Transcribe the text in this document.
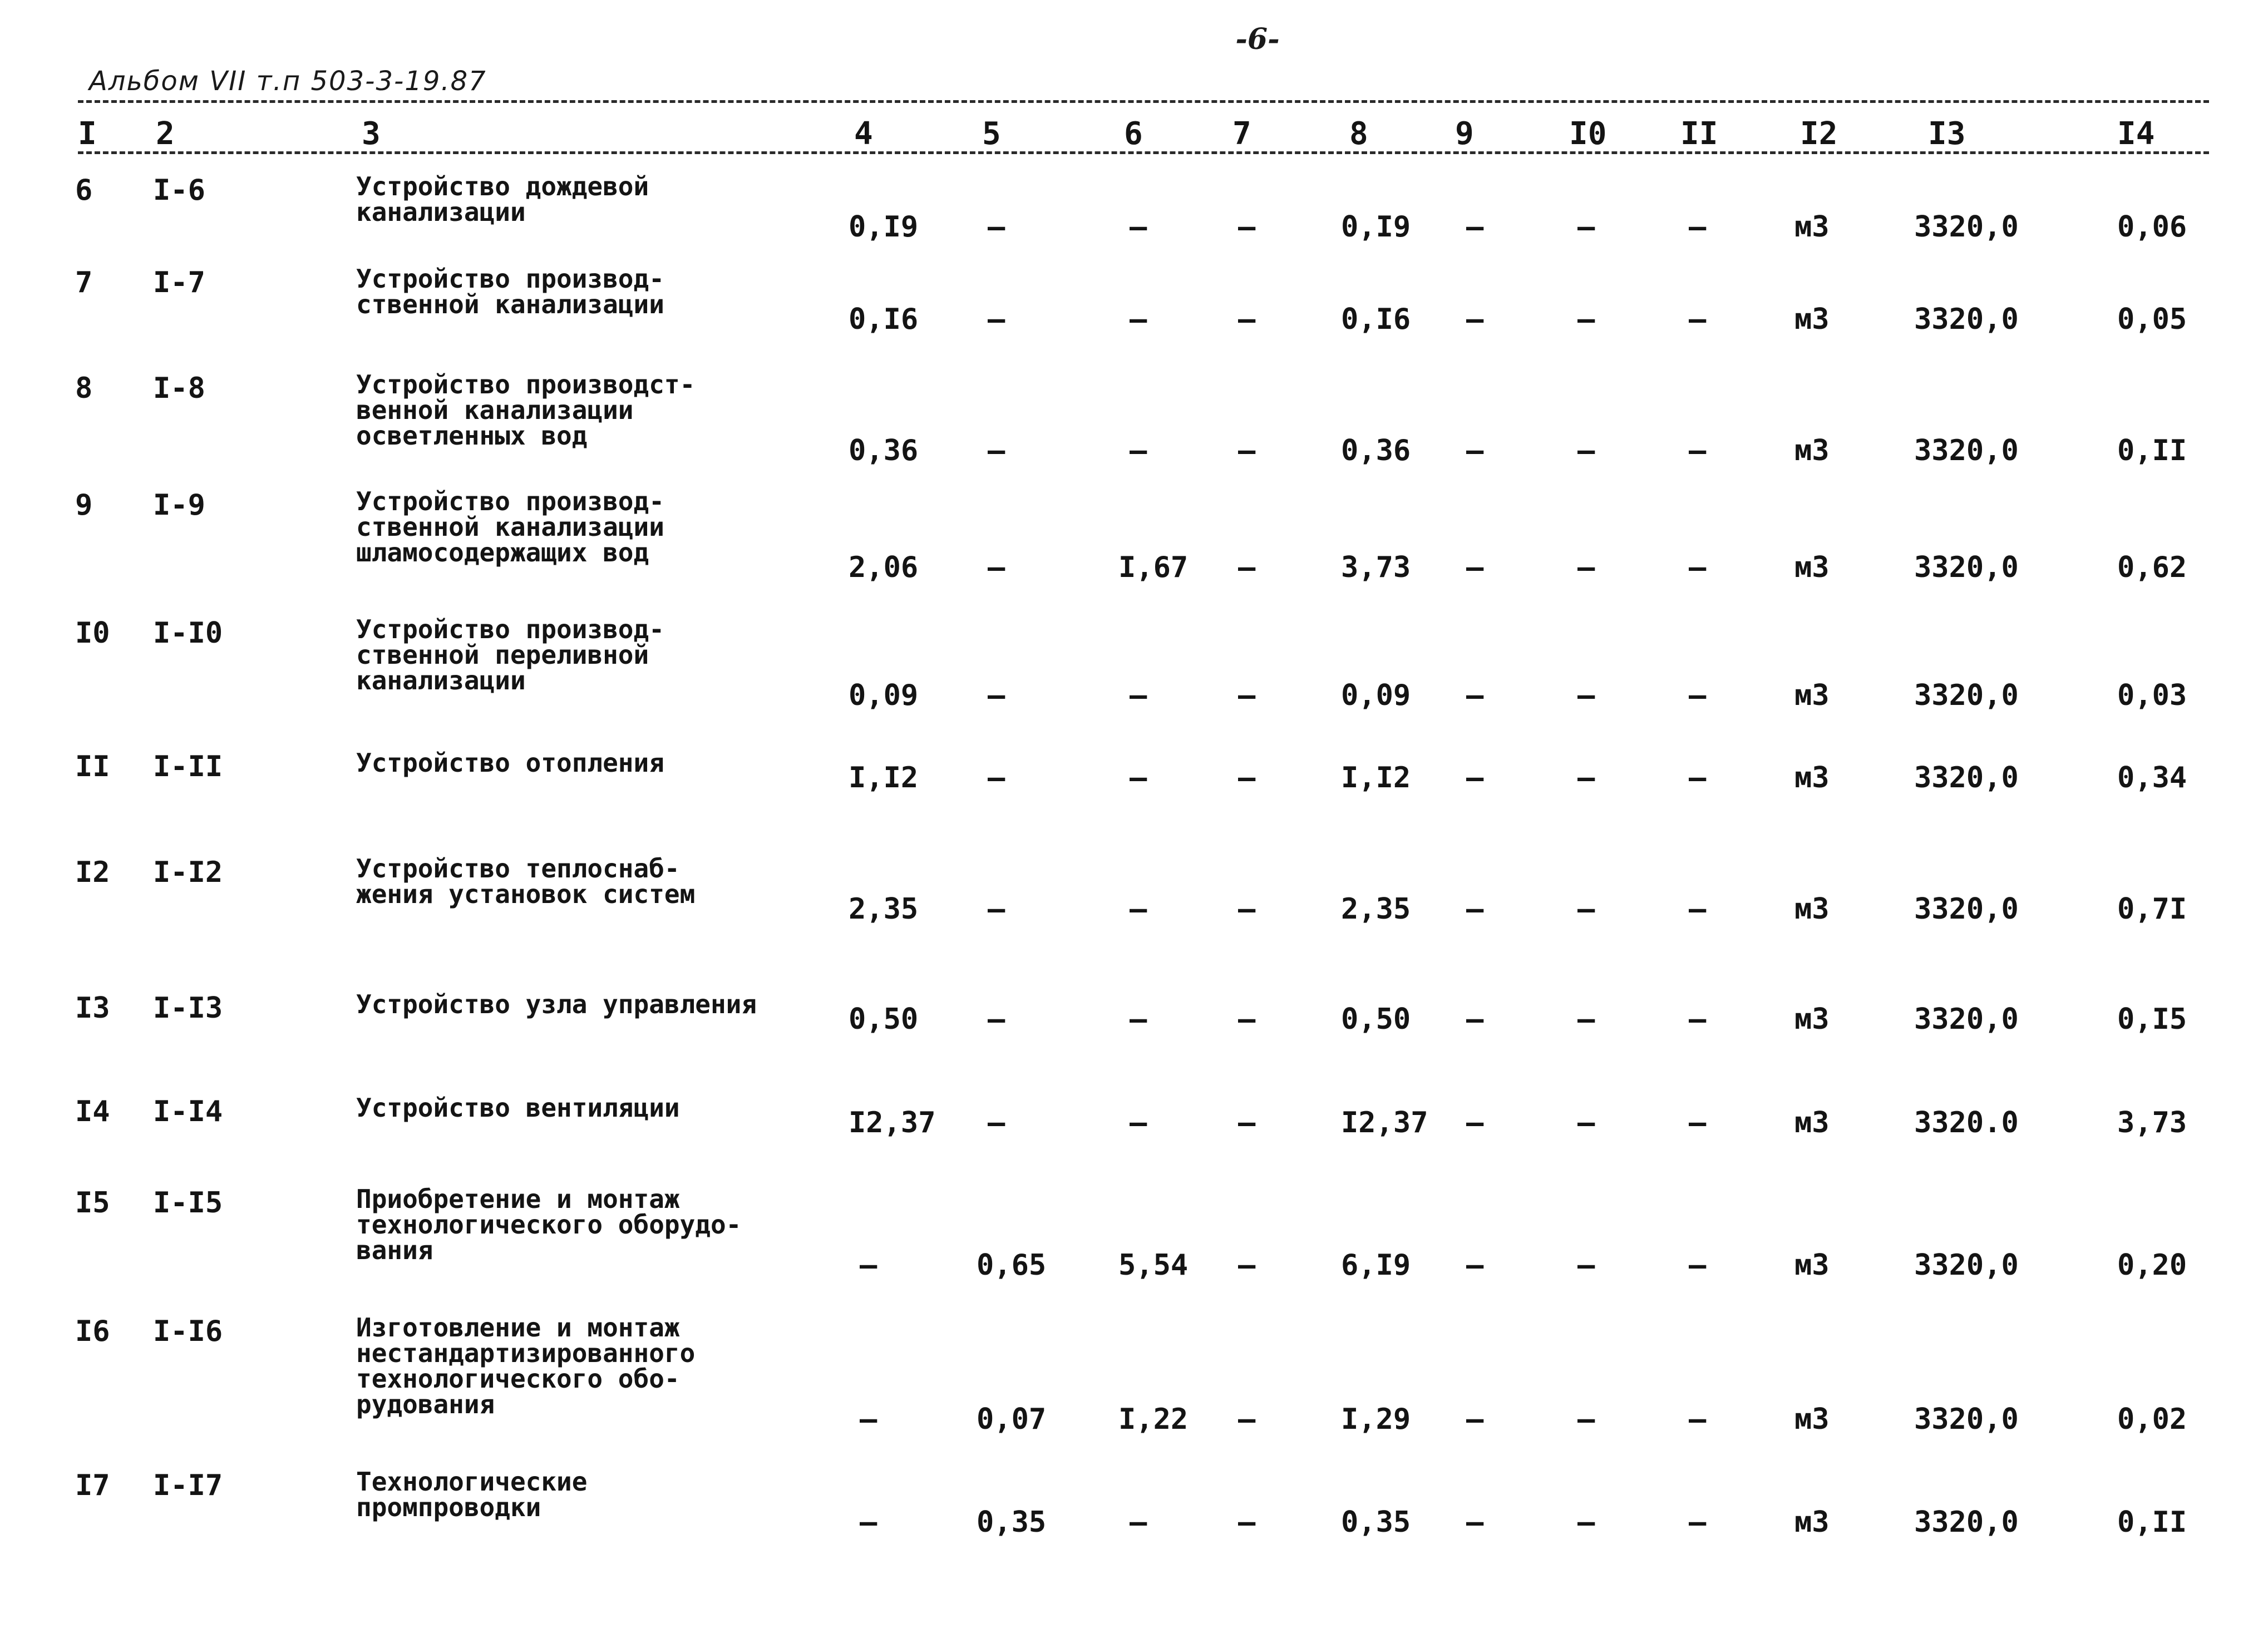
-6-
Альбом VII т.п 503-3-19.87
I 2	3	4	5	6	7	8	9	I0 II	I2	I3	I4
6 I-6	Устройство дождевой
канализации	0,I9 –	–	–	0,I9 –	–	–	м3	3320,0	0,06
7 I-7	Устройство производ-
ственной канализации	0,I6 –	–	–	0,I6 –	–	–	м3	3320,0	0,05
8 I-8	Устройство производст-
венной канализации
осветленных вод	0,36 –	–	–	0,36 –	–	–	м3	3320,0	0,II
9 I-9	Устройство производ-
ственной канализации
шламосодержащих вод	2,06 –	I,67 –	3,73 –	–	–	м3	3320,0	0,62
I0 I-I0	Устройство производ-
ственной переливной
канализации	0,09 –	–	–	0,09 –	–	–	м3	3320,0	0,03
II I-II	Устройство отопления	I,I2 –	–	–	I,I2 –	–	–	м3	3320,0	0,34
I2 I-I2	Устройство теплоснаб-
жения установок систем	2,35 –	–	–	2,35 –	–	–	м3	3320,0	0,7I
I3 I-I3	Устройство узла управления	0,50 –	–	–	0,50 –	–	–	м3	3320,0	0,I5
I4 I-I4	Устройство вентиляции	I2,37 –	–	–	I2,37 –	–	–	м3	3320.0	3,73
I5 I-I5	Приобретение и монтаж
технологического оборудо-
вания	–	0,65 5,54 –	6,I9 –	–	–	м3	3320,0	0,20
I6 I-I6	Изготовление и монтаж
нестандартизированного
технологического обо-
рудования	–	0,07 I,22 –	I,29 –	–	–	м3	3320,0	0,02
I7 I-I7	Технологические
промпроводки	–	0,35	–	–	0,35 –	–	–	м3	3320,0	0,II
